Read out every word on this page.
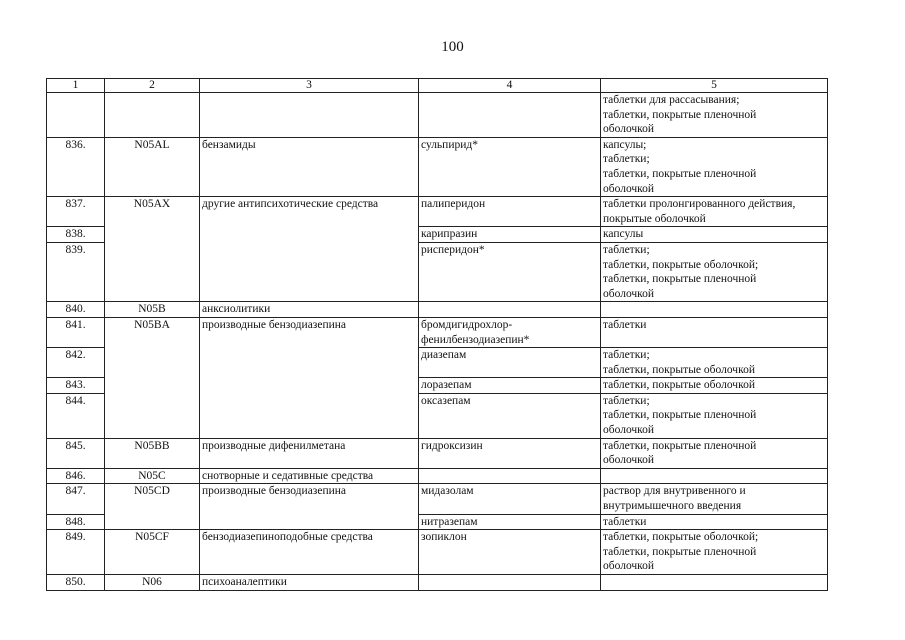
100
1	2	3	4	5

				таблетки для рассасывания;
таблетки, покрытые пленочной
оболочкой

836.	N05AL	бензамиды	сульпирид*	капсулы;
таблетки;
таблетки, покрытые пленочной
оболочкой

837.	N05AX	другие антипсихотические средства	палиперидон	таблетки пролонгированного действия,
покрытые оболочкой

838.			карипразин	капсулы

839.			рисперидон*	таблетки;
таблетки, покрытые оболочкой;
таблетки, покрытые пленочной
оболочкой

840.	N05B	анксиолитики		
841.	N05BA	производные бензодиазепина	бромдигидрохлор-
фенилбензодиазепин*	таблетки

842.			диазепам	таблетки;
таблетки, покрытые оболочкой

843.			лоразепам	таблетки, покрытые оболочкой

844.			оксазепам	таблетки;
таблетки, покрытые пленочной
оболочкой

845.	N05BB	производные дифенилметана	гидроксизин	таблетки, покрытые пленочной
оболочкой

846.	N05C	снотворные и седативные средства		
847.	N05CD	производные бензодиазепина	мидазолам	раствор для внутривенного и
внутримышечного введения

848.			нитразепам	таблетки

849.	N05CF	бензодиазепиноподобные средства	зопиклон	таблетки, покрытые оболочкой;
таблетки, покрытые пленочной
оболочкой

850.	N06	психоаналептики		
